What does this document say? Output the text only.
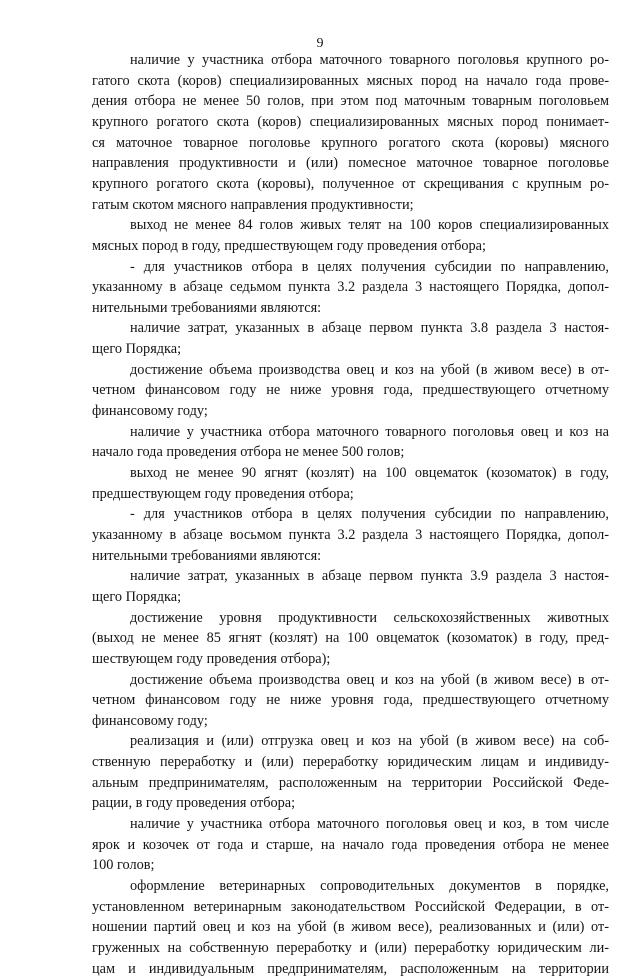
9
наличие у участника отбора маточного товарного поголовья крупного ро-
гатого скота (коров) специализированных мясных пород на начало года прове-
дения отбора не менее 50 голов, при этом под маточным товарным поголовьем
крупного рогатого скота (коров) специализированных мясных пород понимает-
ся маточное товарное поголовье крупного рогатого скота (коровы) мясного
направления продуктивности и (или) помесное маточное товарное поголовье
крупного рогатого скота (коровы), полученное от скрещивания с крупным ро-
гатым скотом мясного направления продуктивности;
выход не менее 84 голов живых телят на 100 коров специализированных
мясных пород в году, предшествующем году проведения отбора;
- для участников отбора в целях получения субсидии по направлению,
указанному в абзаце седьмом пункта 3.2 раздела 3 настоящего Порядка, допол-
нительными требованиями являются:
наличие затрат, указанных в абзаце первом пункта 3.8 раздела 3 настоя-
щего Порядка;
достижение объема производства овец и коз на убой (в живом весе) в от-
четном финансовом году не ниже уровня года, предшествующего отчетному
финансовому году;
наличие у участника отбора маточного товарного поголовья овец и коз на
начало года проведения отбора не менее 500 голов;
выход не менее 90 ягнят (козлят) на 100 овцематок (козоматок) в году,
предшествующем году проведения отбора;
- для участников отбора в целях получения субсидии по направлению,
указанному в абзаце восьмом пункта 3.2 раздела 3 настоящего Порядка, допол-
нительными требованиями являются:
наличие затрат, указанных в абзаце первом пункта 3.9 раздела 3 настоя-
щего Порядка;
достижение уровня продуктивности сельскохозяйственных животных
(выход не менее 85 ягнят (козлят) на 100 овцематок (козоматок) в году, пред-
шествующем году проведения отбора);
достижение объема производства овец и коз на убой (в живом весе) в от-
четном финансовом году не ниже уровня года, предшествующего отчетному
финансовому году;
реализация и (или) отгрузка овец и коз на убой (в живом весе) на соб-
ственную переработку и (или) переработку юридическим лицам и индивиду-
альным предпринимателям, расположенным на территории Российской Феде-
рации, в году проведения отбора;
наличие у участника отбора маточного поголовья овец и коз, в том числе
ярок и козочек от года и старше, на начало года проведения отбора не менее
100 голов;
оформление ветеринарных сопроводительных документов в порядке,
установленном ветеринарным законодательством Российской Федерации, в от-
ношении партий овец и коз на убой (в живом весе), реализованных и (или) от-
груженных на собственную переработку и (или) переработку юридическим ли-
цам и индивидуальным предпринимателям, расположенным на территории
